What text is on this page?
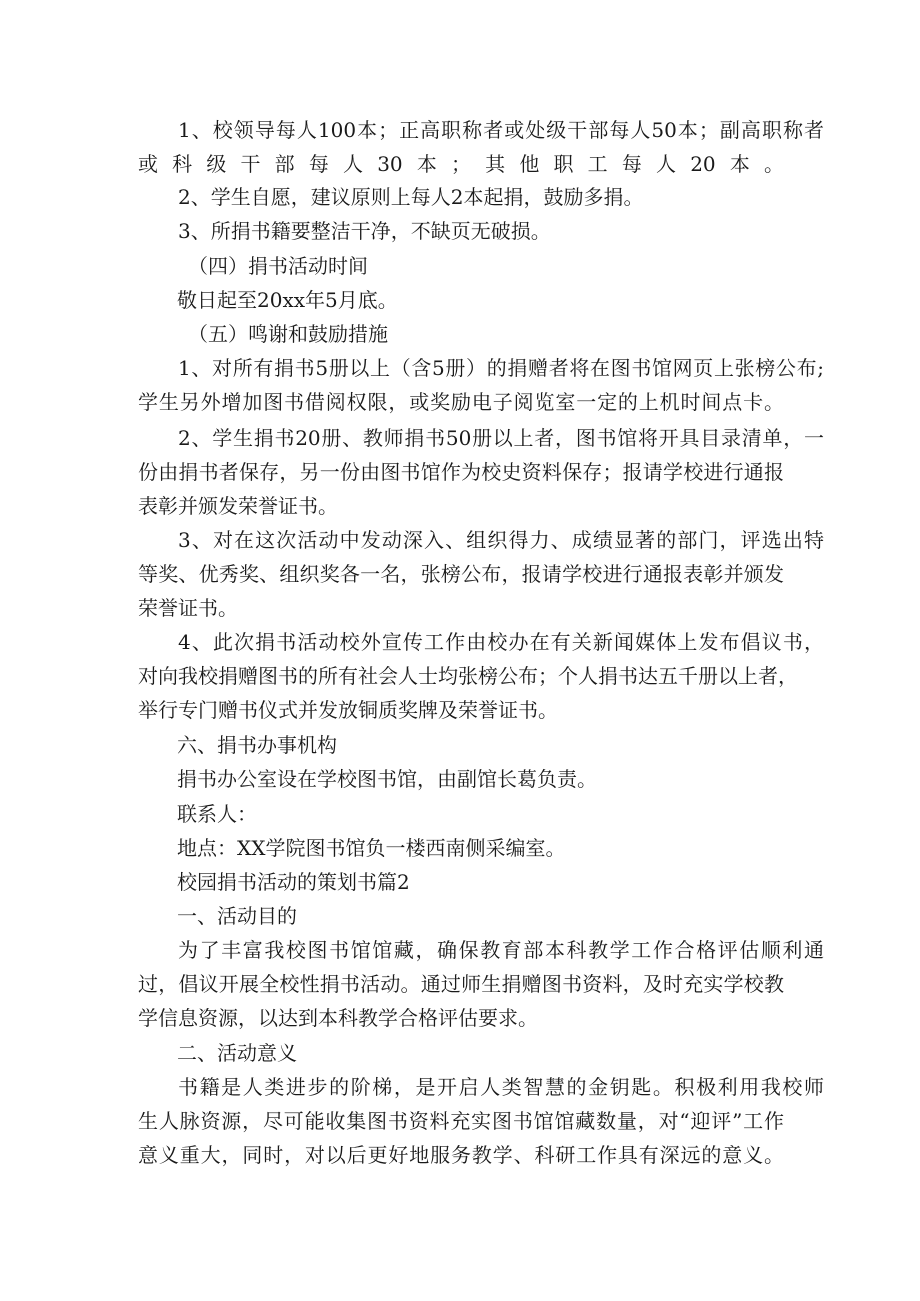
1、校领导每人100本；正高职称者或处级干部每人50本；副高职称者

或科级干部每人30本；其他职工每人20本。

2、学生自愿，建议原则上每人2本起捐，鼓励多捐。

3、所捐书籍要整洁干净，不缺页无破损。

（四）捐书活动时间

敬日起至20xx年5月底。

（五）鸣谢和鼓励措施

1、对所有捐书5册以上（含5册）的捐赠者将在图书馆网页上张榜公布;

学生另外增加图书借阅权限，或奖励电子阅览室一定的上机时间点卡。

2、学生捐书20册、教师捐书50册以上者，图书馆将开具目录清单，一

份由捐书者保存，另一份由图书馆作为校史资料保存；报请学校进行通报

表彰并颁发荣誉证书。

3、对在这次活动中发动深入、组织得力、成绩显著的部门，评选出特

等奖、优秀奖、组织奖各一名，张榜公布，报请学校进行通报表彰并颁发

荣誉证书。

4、此次捐书活动校外宣传工作由校办在有关新闻媒体上发布倡议书，

对向我校捐赠图书的所有社会人士均张榜公布；个人捐书达五千册以上者，

举行专门赠书仪式并发放铜质奖牌及荣誉证书。

六、捐书办事机构

捐书办公室设在学校图书馆，由副馆长葛负责。

联系人：

地点：XX学院图书馆负一楼西南侧采编室。

校园捐书活动的策划书篇2

一、活动目的

为了丰富我校图书馆馆藏，确保教育部本科教学工作合格评估顺利通

过，倡议开展全校性捐书活动。通过师生捐赠图书资料，及时充实学校教

学信息资源，以达到本科教学合格评估要求。

二、活动意义

书籍是人类进步的阶梯，是开启人类智慧的金钥匙。积极利用我校师

生人脉资源，尽可能收集图书资料充实图书馆馆藏数量，对“迎评”工作

意义重大，同时，对以后更好地服务教学、科研工作具有深远的意义。
